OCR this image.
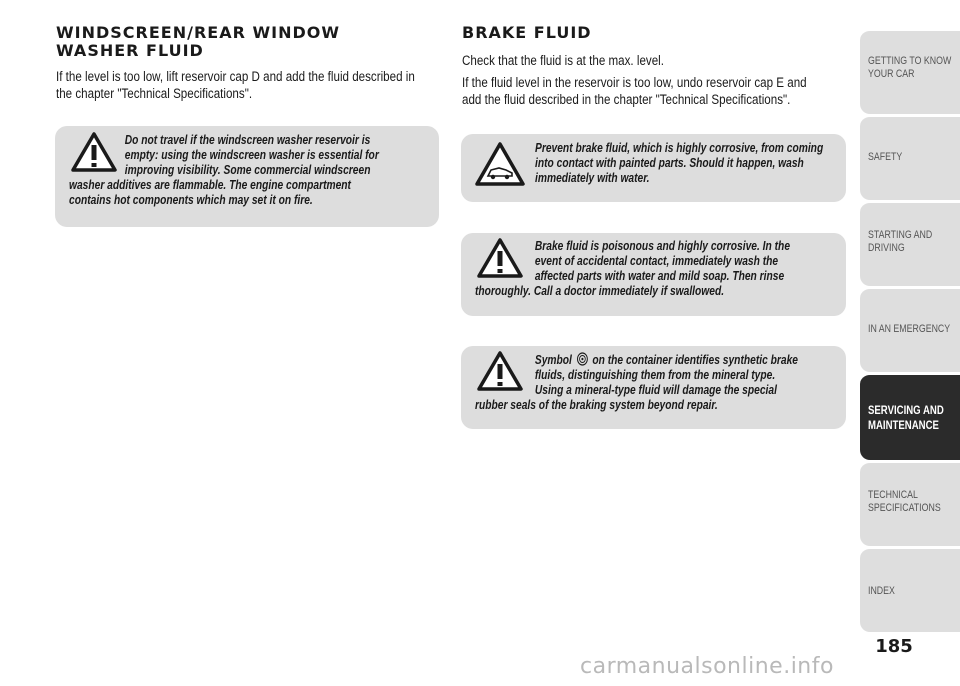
WINDSCREEN/REAR WINDOW
WASHER FLUID

If the level is too low, lift reservoir cap D and add the fluid described in
the chapter "Technical Specifications".

Do not travel if the windscreen washer reservoir is
empty: using the windscreen washer is essential for
improving visibility. Some commercial windscreen
washer additives are flammable. The engine compartment
contains hot components which may set it on fire.

BRAKE FLUID

Check that the fluid is at the max. level.
If the fluid level in the reservoir is too low, undo reservoir cap E and
add the fluid described in the chapter "Technical Specifications".

Prevent brake fluid, which is highly corrosive, from coming
into contact with painted parts. Should it happen, wash
immediately with water.

Brake fluid is poisonous and highly corrosive. In the
event of accidental contact, immediately wash the
affected parts with water and mild soap. Then rinse
thoroughly. Call a doctor immediately if swallowed.

Symbol on the container identifies synthetic brake
fluids, distinguishing them from the mineral type.
Using a mineral-type fluid will damage the special
rubber seals of the braking system beyond repair.

GETTING TO KNOW
YOUR CAR

SAFETY

STARTING AND
DRIVING

IN AN EMERGENCY

SERVICING AND
MAINTENANCE

TECHNICAL
SPECIFICATIONS

INDEX

185

carmanualsonline.info
